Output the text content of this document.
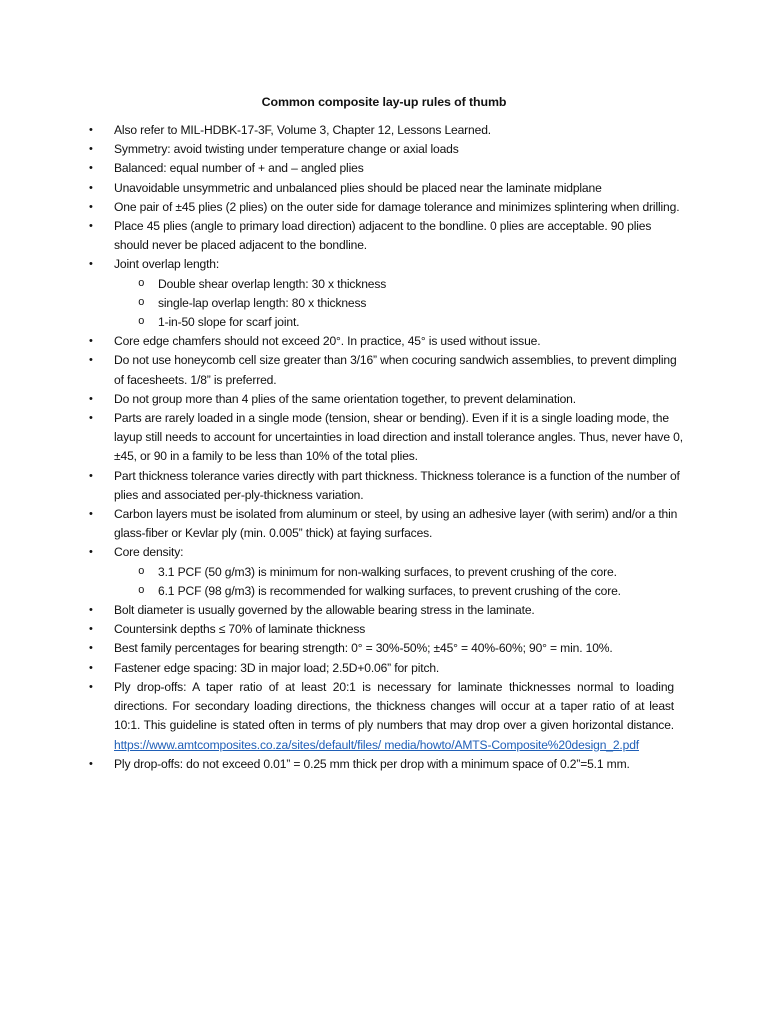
Common composite lay-up rules of thumb
• Also refer to MIL-HDBK-17-3F, Volume 3, Chapter 12, Lessons Learned.
• Symmetry: avoid twisting under temperature change or axial loads
• Balanced: equal number of + and – angled plies
• Unavoidable unsymmetric and unbalanced plies should be placed near the laminate midplane
• One pair of ±45 plies (2 plies) on the outer side for damage tolerance and minimizes splintering when drilling.
• Place 45 plies (angle to primary load direction) adjacent to the bondline. 0 plies are acceptable. 90 plies should never be placed adjacent to the bondline.
• Joint overlap length:
o Double shear overlap length: 30 x thickness
o single-lap overlap length: 80 x thickness
o 1-in-50 slope for scarf joint.
• Core edge chamfers should not exceed 20°. In practice, 45° is used without issue.
• Do not use honeycomb cell size greater than 3/16” when cocuring sandwich assemblies, to prevent dimpling of facesheets. 1/8” is preferred.
• Do not group more than 4 plies of the same orientation together, to prevent delamination.
• Parts are rarely loaded in a single mode (tension, shear or bending). Even if it is a single loading mode, the layup still needs to account for uncertainties in load direction and install tolerance angles. Thus, never have 0, ±45, or 90 in a family to be less than 10% of the total plies.
• Part thickness tolerance varies directly with part thickness. Thickness tolerance is a function of the number of plies and associated per-ply-thickness variation.
• Carbon layers must be isolated from aluminum or steel, by using an adhesive layer (with serim) and/or a thin glass-fiber or Kevlar ply (min. 0.005” thick) at faying surfaces.
• Core density:
o 3.1 PCF (50 g/m3) is minimum for non-walking surfaces, to prevent crushing of the core.
o 6.1 PCF (98 g/m3) is recommended for walking surfaces, to prevent crushing of the core.
• Bolt diameter is usually governed by the allowable bearing stress in the laminate.
• Countersink depths ≤ 70% of laminate thickness
• Best family percentages for bearing strength: 0° = 30%-50%; ±45° = 40%-60%; 90° = min. 10%.
• Fastener edge spacing: 3D in major load; 2.5D+0.06” for pitch.
• Ply drop-offs: A taper ratio of at least 20:1 is necessary for laminate thicknesses normal to loading directions. For secondary loading directions, the thickness changes will occur at a taper ratio of at least 10:1. This guideline is stated often in terms of ply numbers that may drop over a given horizontal distance. https://www.amtcomposites.co.za/sites/default/files/ media/howto/AMTS-Composite%20design_2.pdf
• Ply drop-offs: do not exceed 0.01” = 0.25 mm thick per drop with a minimum space of 0.2”=5.1 mm.
